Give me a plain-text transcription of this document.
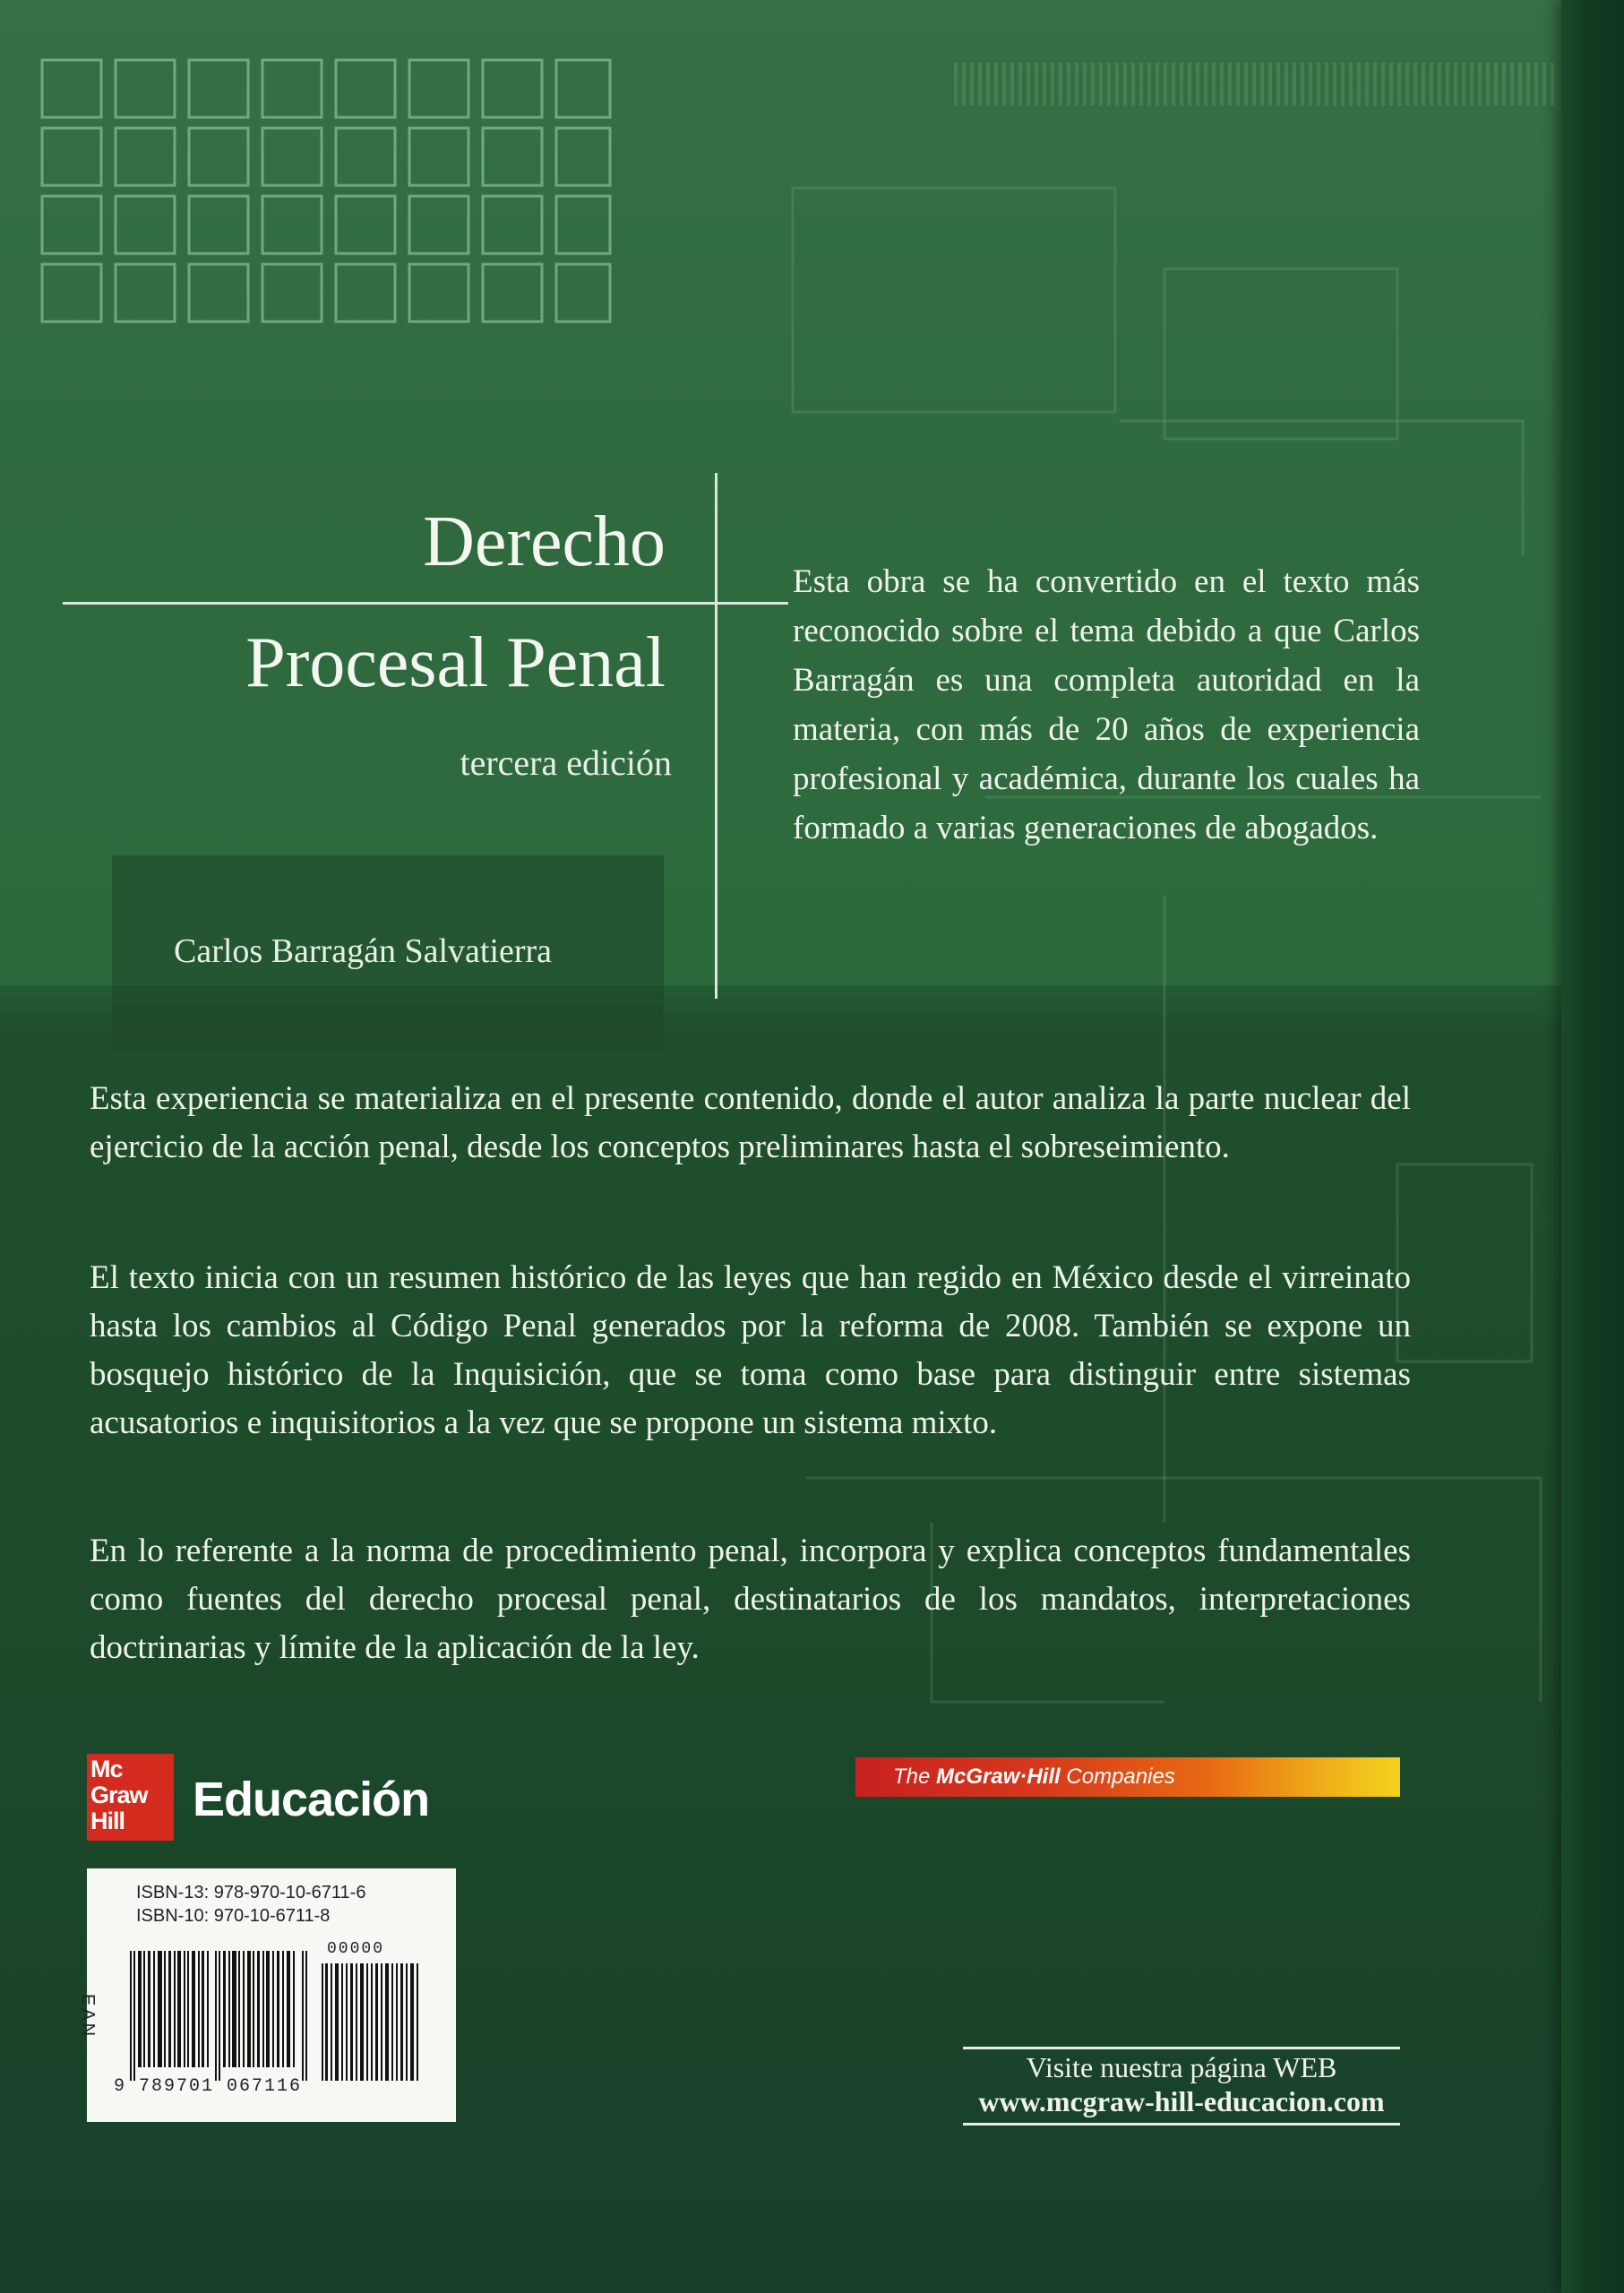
Derecho
Procesal Penal
tercera edición
Carlos Barragán Salvatierra
Esta obra se ha convertido en el texto más reconocido sobre el tema debido a que Carlos Barragán es una completa autoridad en la materia, con más de 20 años de experiencia profesional y académica, durante los cuales ha formado a varias generaciones de abogados.
Esta experiencia se materializa en el presente contenido, donde el autor analiza la parte nuclear del ejercicio de la acción penal, desde los conceptos preliminares hasta el sobreseimiento.
El texto inicia con un resumen histórico de las leyes que han regido en México desde el virreinato hasta los cambios al Código Penal generados por la reforma de 2008. También se expone un bosquejo histórico de la Inquisición, que se toma como base para distinguir entre sistemas acusatorios e inquisitorios a la vez que se propone un sistema mixto.
En lo referente a la norma de procedimiento penal, incorpora y explica conceptos fundamentales como fuentes del derecho procesal penal, destinatarios de los mandatos, interpretaciones doctrinarias y límite de la aplicación de la ley.
Mc
Graw
Hill	Educación	The McGraw·Hill Companies
ISBN-13: 978-970-10-6711-6
ISBN-10: 970-10-6711-8
EAN
00000
9 789701 067116
Visite nuestra página WEB
www.mcgraw-hill-educacion.com
